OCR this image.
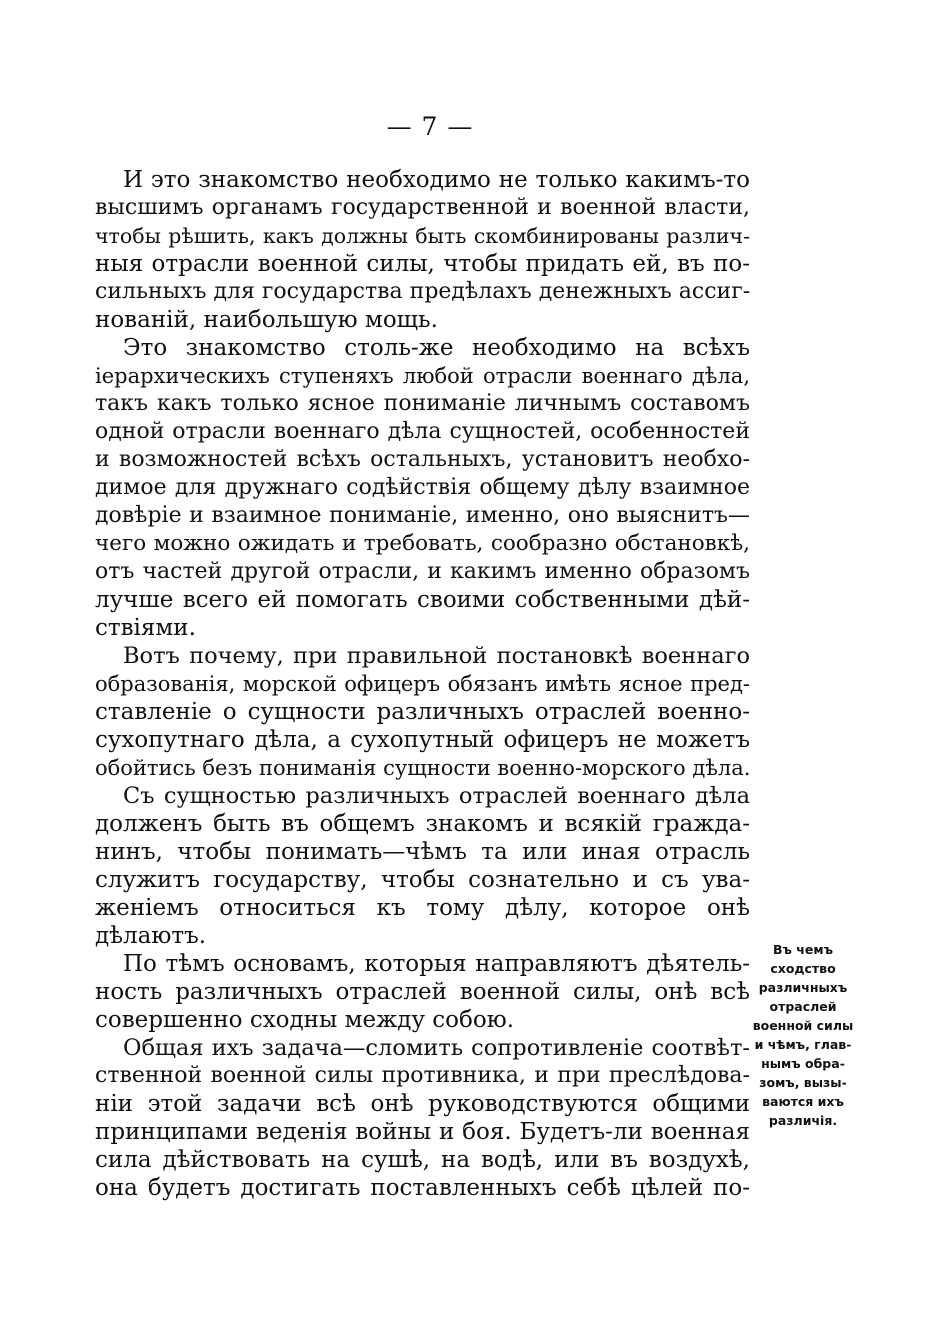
— 7 —
И это знакомство необходимо не только какимъ-то
высшимъ органамъ государственной и военной власти,
чтобы рѣшить, какъ должны быть скомбинированы различ-
ныя отрасли военной силы, чтобы придать ей, въ по-
сильныхъ для государства предѣлахъ денежныхъ ассиг-
нованій, наибольшую мощь.
Это знакомство столь-же необходимо на всѣхъ
іерархическихъ ступеняхъ любой отрасли военнаго дѣла,
такъ какъ только ясное пониманіе личнымъ составомъ
одной отрасли военнаго дѣла сущностей, особенностей
и возможностей всѣхъ остальныхъ, установитъ необхо-
димое для дружнаго содѣйствія общему дѣлу взаимное
довѣріе и взаимное пониманіе, именно, оно выяснитъ—
чего можно ожидать и требовать, сообразно обстановкѣ,
отъ частей другой отрасли, и какимъ именно образомъ
лучше всего ей помогать своими собственными дѣй-
ствіями.
Вотъ почему, при правильной постановкѣ военнаго
образованія, морской офицеръ обязанъ имѣть ясное пред-
ставленіе о сущности различныхъ отраслей военно-
сухопутнаго дѣла, а сухопутный офицеръ не можетъ
обойтись безъ пониманія сущности военно-морского дѣла.
Съ сущностью различныхъ отраслей военнаго дѣла
долженъ быть въ общемъ знакомъ и всякій гражда-
нинъ, чтобы понимать—чѣмъ та или иная отрасль
служитъ государству, чтобы сознательно и съ ува-
женіемъ относиться къ тому дѣлу, которое онѣ
дѣлаютъ.
По тѣмъ основамъ, которыя направляютъ дѣятель-
ность различныхъ отраслей военной силы, онѣ всѣ
совершенно сходны между собою.
Общая ихъ задача—сломить сопротивленіе соотвѣт-
ственной военной силы противника, и при преслѣдова-
ніи этой задачи всѣ онѣ руководствуются общими
принципами веденія войны и боя. Будетъ-ли военная
сила дѣйствовать на сушѣ, на водѣ, или въ воздухѣ,
она будетъ достигать поставленныхъ себѣ цѣлей по-
Въ чемъ
сходство
различныхъ
отраслей
военной силы
и чѣмъ, глав-
нымъ обра-
зомъ, вызы-
ваются ихъ
различія.
